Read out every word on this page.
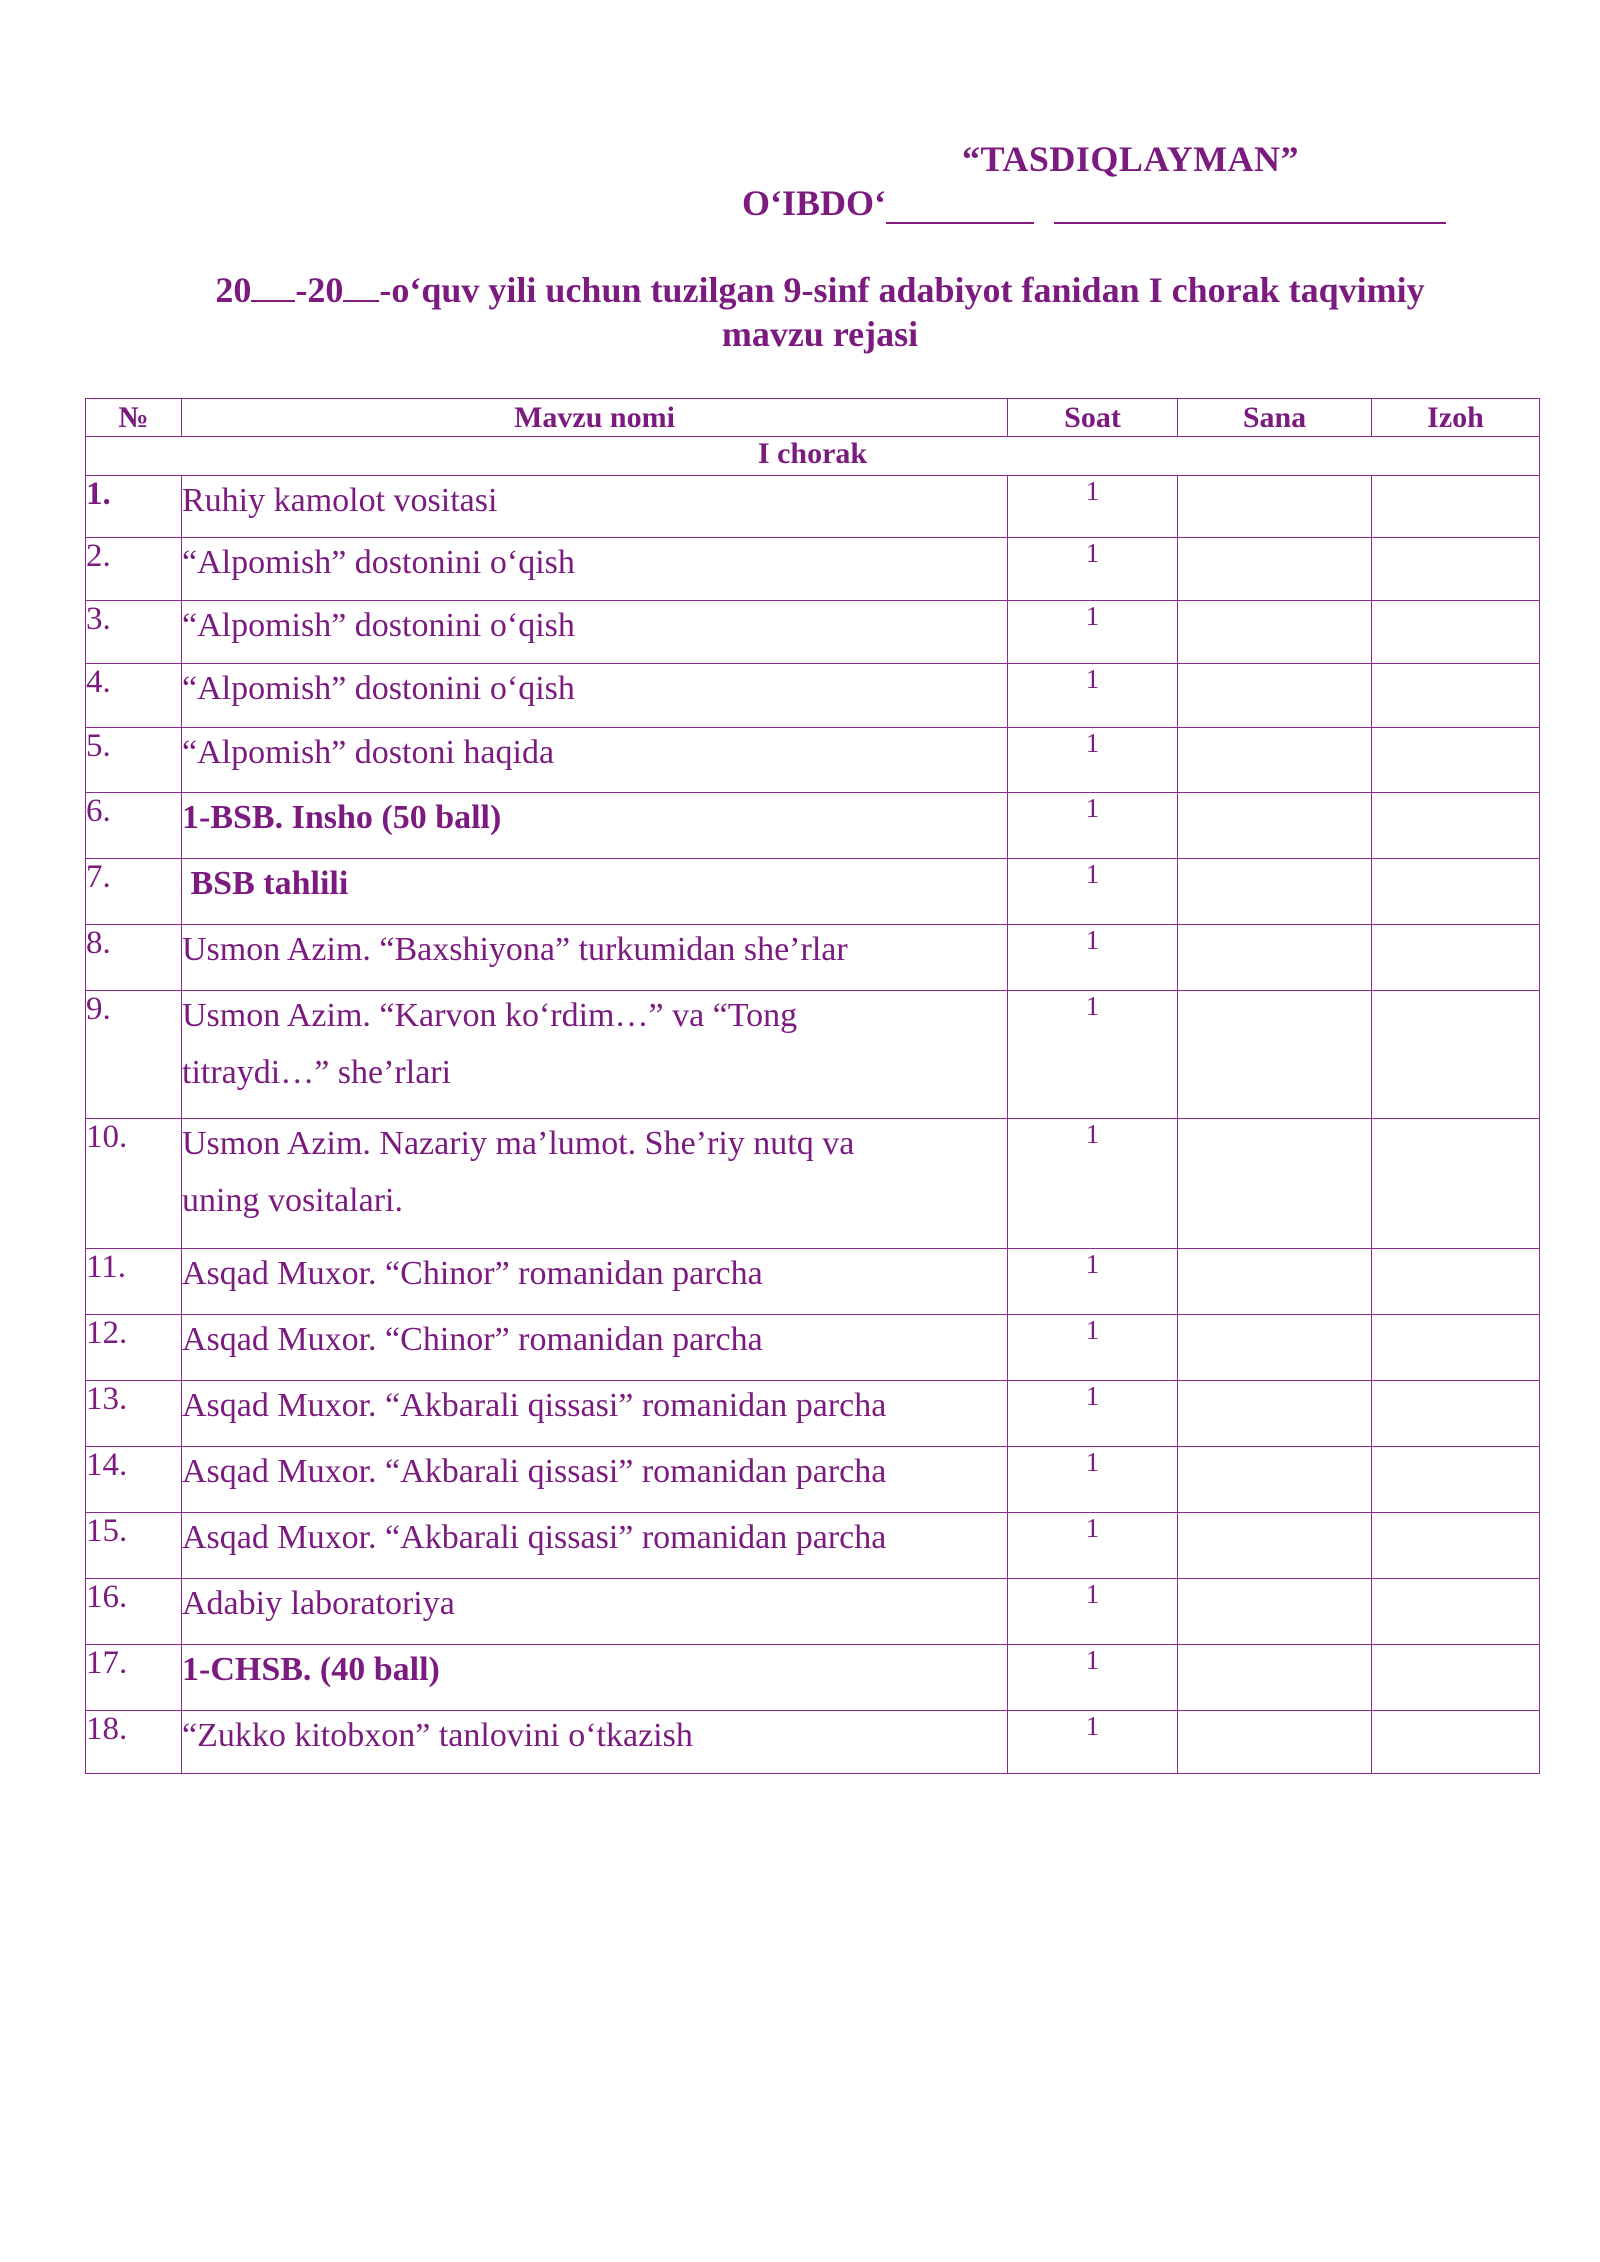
“TASDIQLAYMAN”
O‘IBDO‘
20 -20 -o‘quv yili uchun tuzilgan 9-sinf adabiyot fanidan I chorak taqvimiy
mavzu rejasi
№	Mavzu nomi	Soat	Sana	Izoh
I chorak				
1.	Ruhiy kamolot vositasi	1		
2.	“Alpomish” dostonini o‘qish	1		
3.	“Alpomish” dostonini o‘qish	1		
4.	“Alpomish” dostonini o‘qish	1		
5.	“Alpomish” dostoni haqida	1		
6.	1-BSB. Insho (50 ball)	1		
7.	BSB tahlili	1		
8.	Usmon Azim. “Baxshiyona” turkumidan she’rlar	1		
9.	Usmon Azim. “Karvon ko‘rdim…” va “Tong
titraydi…” she’rlari	1		
10.	Usmon Azim. Nazariy ma’lumot. She’riy nutq va
uning vositalari.	1		
11.	Asqad Muxor. “Chinor” romanidan parcha	1		
12.	Asqad Muxor. “Chinor” romanidan parcha	1		
13.	Asqad Muxor. “Akbarali qissasi” romanidan parcha	1		
14.	Asqad Muxor. “Akbarali qissasi” romanidan parcha	1		
15.	Asqad Muxor. “Akbarali qissasi” romanidan parcha	1		
16.	Adabiy laboratoriya	1		
17.	1-CHSB. (40 ball)	1		
18.	“Zukko kitobxon” tanlovini o‘tkazish	1		
